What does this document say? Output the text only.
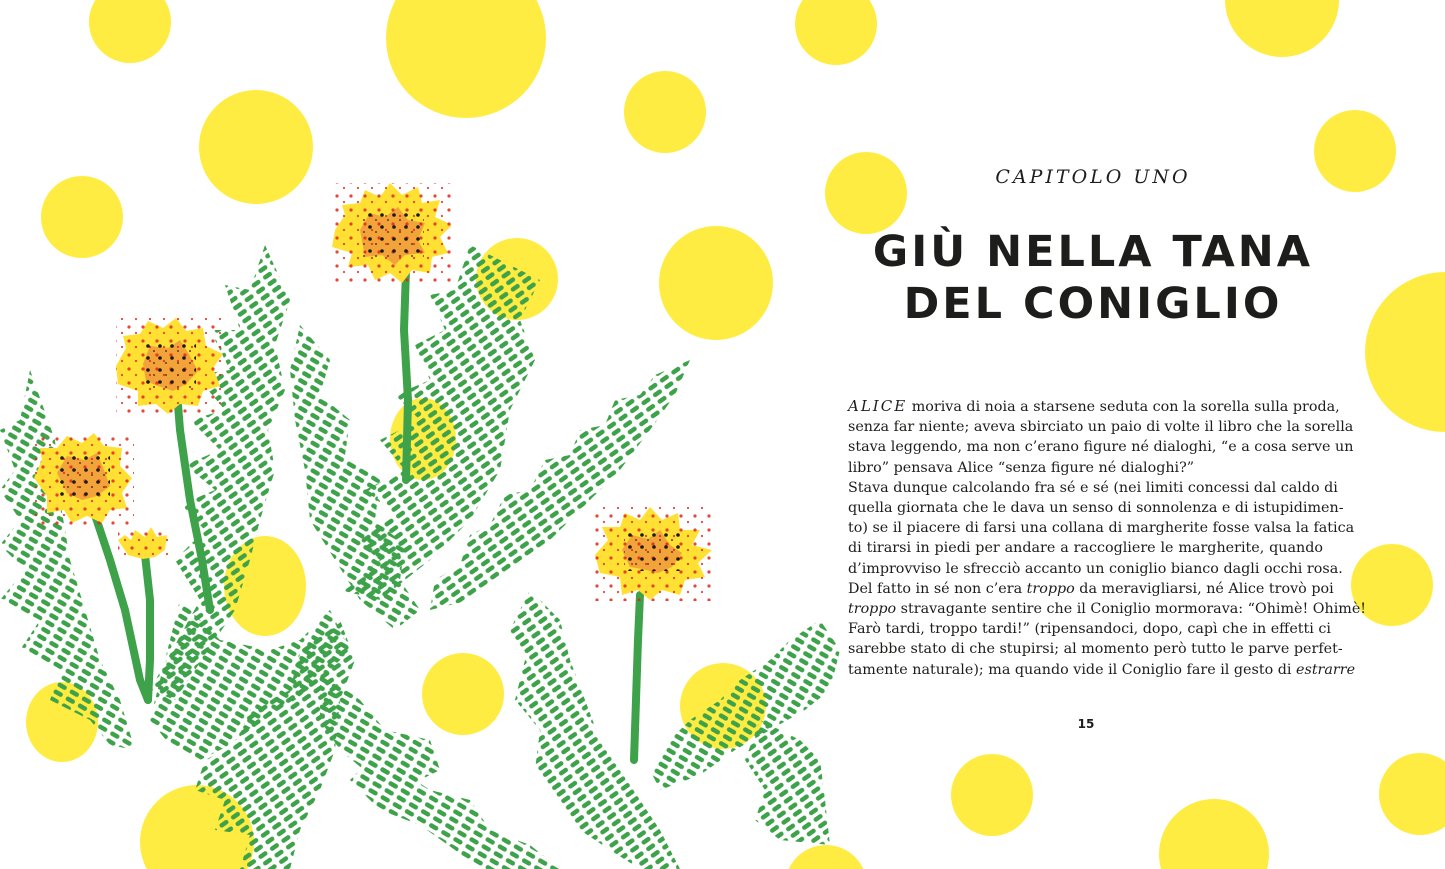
CAPITOLO UNO
GIÙ NELLA TANA
DEL CONIGLIO
ALICE moriva di noia a starsene seduta con la sorella sulla proda,
senza far niente; aveva sbirciato un paio di volte il libro che la sorella
stava leggendo, ma non c’erano figure né dialoghi, “e a cosa serve un
libro” pensava Alice “senza figure né dialoghi?”
Stava dunque calcolando fra sé e sé (nei limiti concessi dal caldo di
quella giornata che le dava un senso di sonnolenza e di istupidimen-
to) se il piacere di farsi una collana di margherite fosse valsa la fatica
di tirarsi in piedi per andare a raccogliere le margherite, quando
d’improvviso le sfrecciò accanto un coniglio bianco dagli occhi rosa.
Del fatto in sé non c’era troppo da meravigliarsi, né Alice trovò poi
troppo stravagante sentire che il Coniglio mormorava: “Ohimè! Ohimè!
Farò tardi, troppo tardi!” (ripensandoci, dopo, capì che in effetti ci
sarebbe stato di che stupirsi; al momento però tutto le parve perfet-
tamente naturale); ma quando vide il Coniglio fare il gesto di estrarre
15
